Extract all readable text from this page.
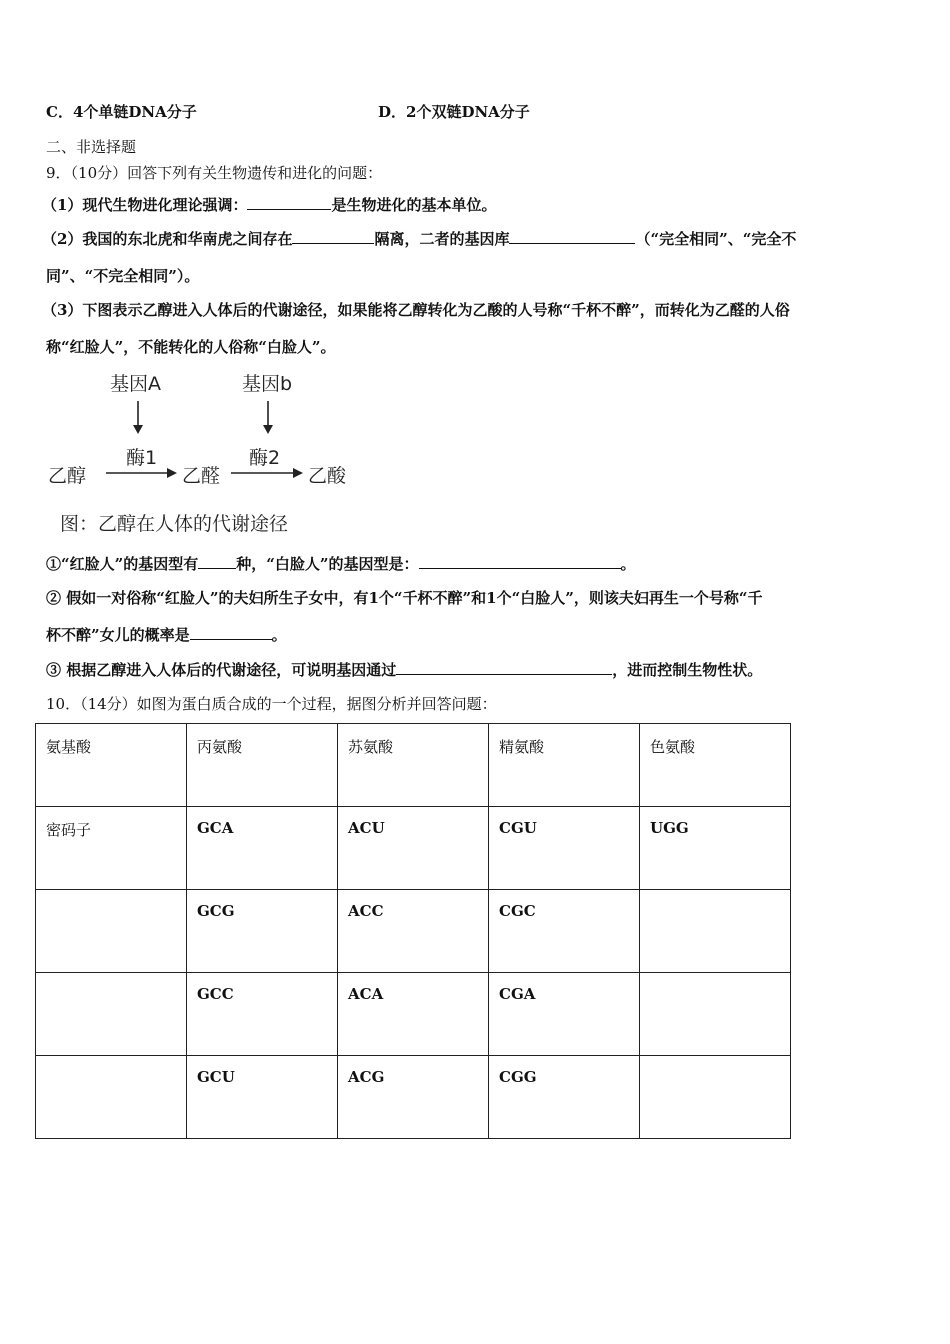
C．4个单链DNA分子	D．2个双链DNA分子
二、非选择题
9．（10分）回答下列有关生物遗传和进化的问题：
（1）现代生物进化理论强调：	是生物进化的基本单位。
（2）我国的东北虎和华南虎之间存在	隔离，二者的基因库	（“完全相同”、“完全不
同”、“不完全相同”）。
（3）下图表示乙醇进入人体后的代谢途径，如果能将乙醇转化为乙酸的人号称“千杯不醉”，而转化为乙醛的人俗
称“红脸人”，不能转化的人俗称“白脸人”。
基因A	基因b
酶1	酶2
乙醇	乙醛	乙酸
图：乙醇在人体的代谢途径
①“红脸人”的基因型有	种，“白脸人”的基因型是：	。
② 假如一对俗称“红脸人”的夫妇所生子女中，有1个“千杯不醉”和1个“白脸人”，则该夫妇再生一个号称“千
杯不醉”女儿的概率是	。
③ 根据乙醇进入人体后的代谢途径，可说明基因通过	，进而控制生物性状。
10．（14分）如图为蛋白质合成的一个过程，据图分析并回答问题：
氨基酸	丙氨酸	苏氨酸	精氨酸	色氨酸
密码子	GCA	ACU	CGU	UGG
	GCG	ACC	CGC	
	GCC	ACA	CGA	
	GCU	ACG	CGG	
